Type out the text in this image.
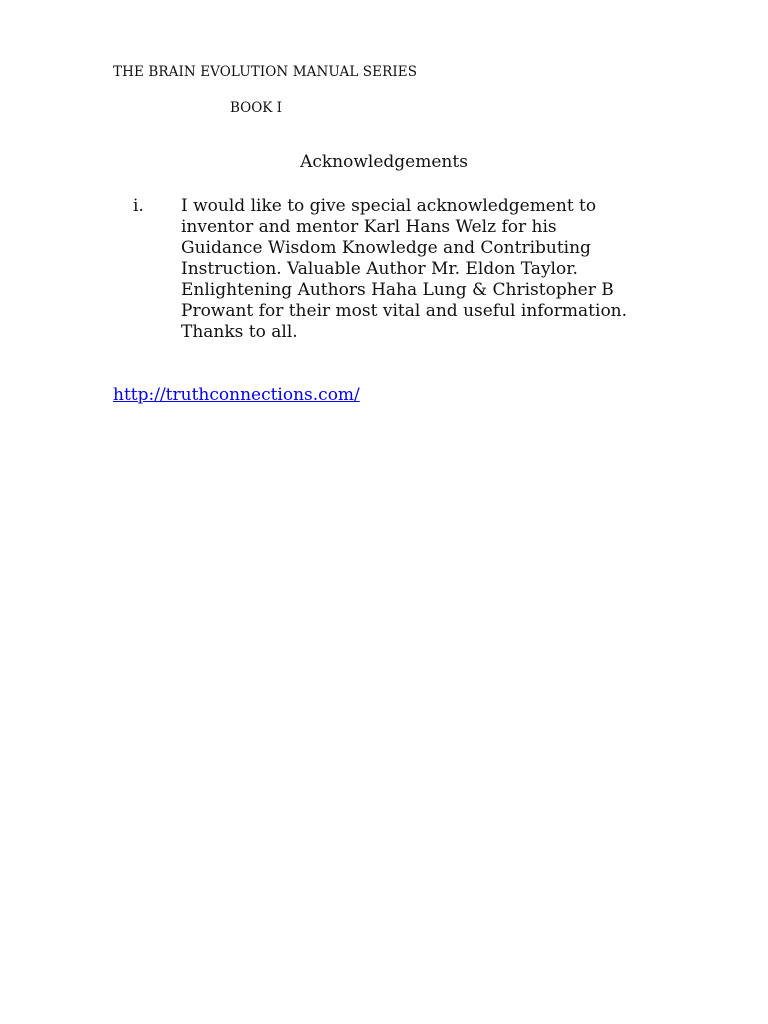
THE BRAIN EVOLUTION MANUAL SERIES
BOOK I
Acknowledgements
i. I would like to give special acknowledgement to
inventor and mentor Karl Hans Welz for his
Guidance Wisdom Knowledge and Contributing
Instruction. Valuable Author Mr. Eldon Taylor.
Enlightening Authors Haha Lung & Christopher B
Prowant for their most vital and useful information.
Thanks to all.
http://truthconnections.com/
